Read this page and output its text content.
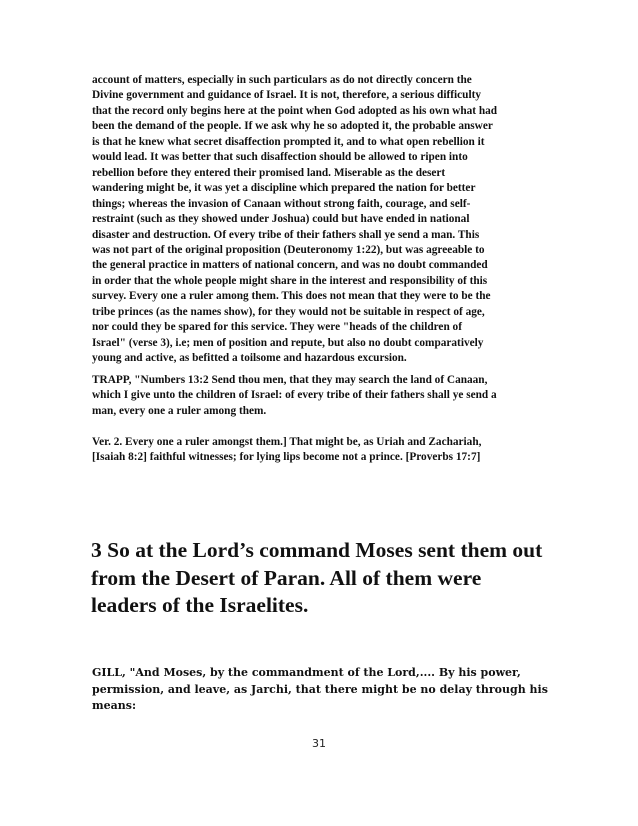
account of matters, especially in such particulars as do not directly concern the
Divine government and guidance of Israel. It is not, therefore, a serious difficulty
that the record only begins here at the point when God adopted as his own what had
been the demand of the people. If we ask why he so adopted it, the probable answer
is that he knew what secret disaffection prompted it, and to what open rebellion it
would lead. It was better that such disaffection should be allowed to ripen into
rebellion before they entered their promised land. Miserable as the desert
wandering might be, it was yet a discipline which prepared the nation for better
things; whereas the invasion of Canaan without strong faith, courage, and self-
restraint (such as they showed under Joshua) could but have ended in national
disaster and destruction. Of every tribe of their fathers shall ye send a man. This
was not part of the original proposition (Deuteronomy 1:22), but was agreeable to
the general practice in matters of national concern, and was no doubt commanded
in order that the whole people might share in the interest and responsibility of this
survey. Every one a ruler among them. This does not mean that they were to be the
tribe princes (as the names show), for they would not be suitable in respect of age,
nor could they be spared for this service. They were "heads of the children of
Israel" (verse 3), i.e; men of position and repute, but also no doubt comparatively
young and active, as befitted a toilsome and hazardous excursion.

TRAPP, "Numbers 13:2 Send thou men, that they may search the land of Canaan,
which I give unto the children of Israel: of every tribe of their fathers shall ye send a
man, every one a ruler among them.

Ver. 2. Every one a ruler amongst them.] That might be, as Uriah and Zachariah,
[Isaiah 8:2] faithful witnesses; for lying lips become not a prince. [Proverbs 17:7]

3 So at the Lord’s command Moses sent them out
from the Desert of Paran. All of them were
leaders of the Israelites.

GILL, "And Moses, by the commandment of the Lord,.... By his power,
permission, and leave, as Jarchi, that there might be no delay through his
means:

31
